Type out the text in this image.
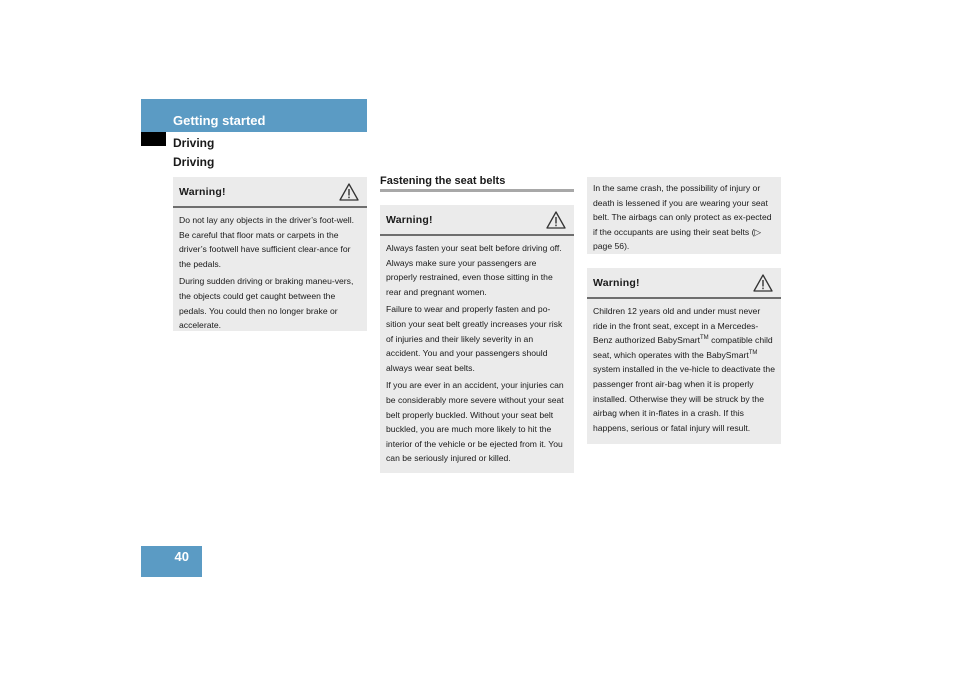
Getting started
Driving
Driving
Warning!

Do not lay any objects in the driver’s foot-well. Be careful that floor mats or carpets in the driver’s footwell have sufficient clear-ance for the pedals.

During sudden driving or braking maneu-vers, the objects could get caught between the pedals. You could then no longer brake or accelerate.

Fastening the seat belts
Warning!

Always fasten your seat belt before driving off. Always make sure your passengers are properly restrained, even those sitting in the rear and pregnant women.

Failure to wear and properly fasten and po-sition your seat belt greatly increases your risk of injuries and their likely severity in an accident. You and your passengers should always wear seat belts.

If you are ever in an accident, your injuries can be considerably more severe without your seat belt properly buckled. Without your seat belt buckled, you are much more likely to hit the interior of the vehicle or be ejected from it. You can be seriously injured or killed.

In the same crash, the possibility of injury or death is lessened if you are wearing your seat belt. The airbags can only protect as ex-pected if the occupants are using their seat belts (▷ page 56).

Warning!

Children 12 years old and under must never ride in the front seat, except in a Mercedes-Benz authorized BabySmart™ compatible child seat, which operates with the BabySmart™ system installed in the ve-hicle to deactivate the passenger front air-bag when it is properly installed. Otherwise they will be struck by the airbag when it in-flates in a crash. If this happens, serious or fatal injury will result.

40
